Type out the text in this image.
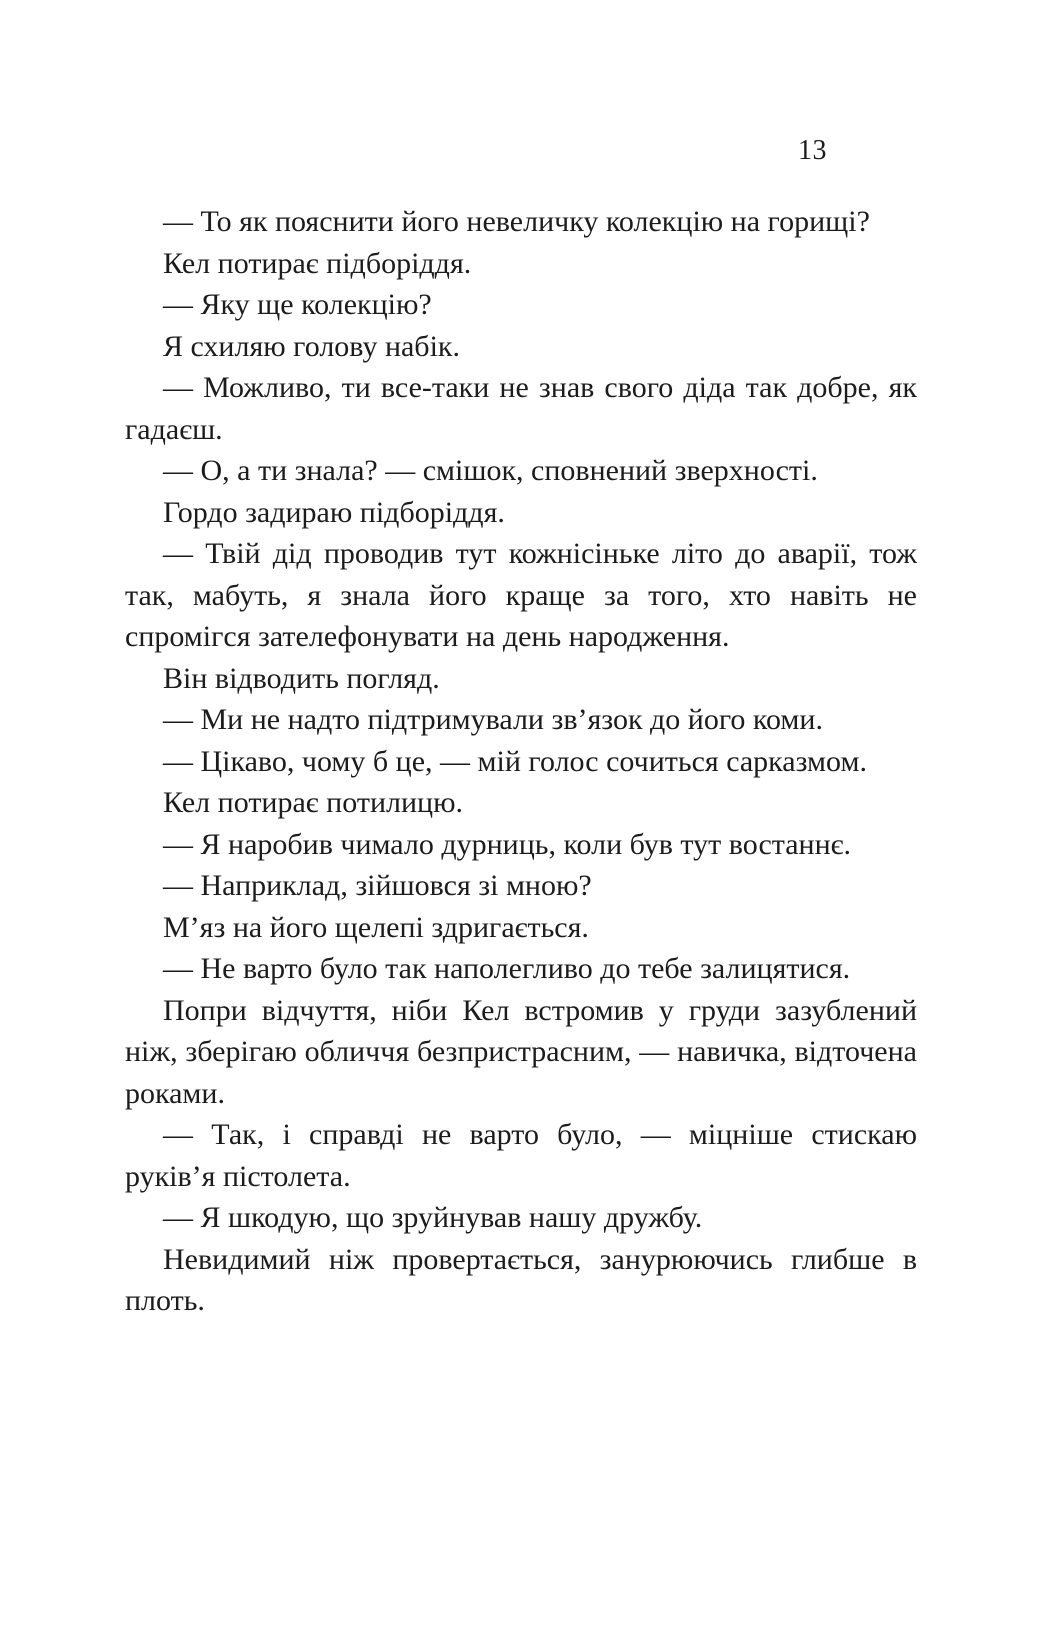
13

— То як пояснити його невеличку колекцію на горищі?

Кел потирає підборіддя.

— Яку ще колекцію?

Я схиляю голову набік.

— Можливо, ти все-таки не знав свого діда так добре, як гадаєш.

— О, а ти знала? — смішок, сповнений зверхності.

Гордо задираю підборіддя.

— Твій дід проводив тут кожнісіньке літо до аварії, тож так, мабуть, я знала його краще за того, хто навіть не спромігся зателефонувати на день народження.

Він відводить погляд.

— Ми не надто підтримували зв’язок до його коми.

— Цікаво, чому б це, — мій голос сочиться сарказмом.

Кел потирає потилицю.

— Я наробив чимало дурниць, коли був тут востаннє.

— Наприклад, зійшовся зі мною?

М’яз на його щелепі здригається.

— Не варто було так наполегливо до тебе залицятися.

Попри відчуття, ніби Кел встромив у груди зазублений ніж, зберігаю обличчя безпристрасним, — навичка, відточена роками.

— Так, і справді не варто було, — міцніше стискаю руків’я пістолета.

— Я шкодую, що зруйнував нашу дружбу.

Невидимий ніж провертається, занурюючись глибше в плоть.
